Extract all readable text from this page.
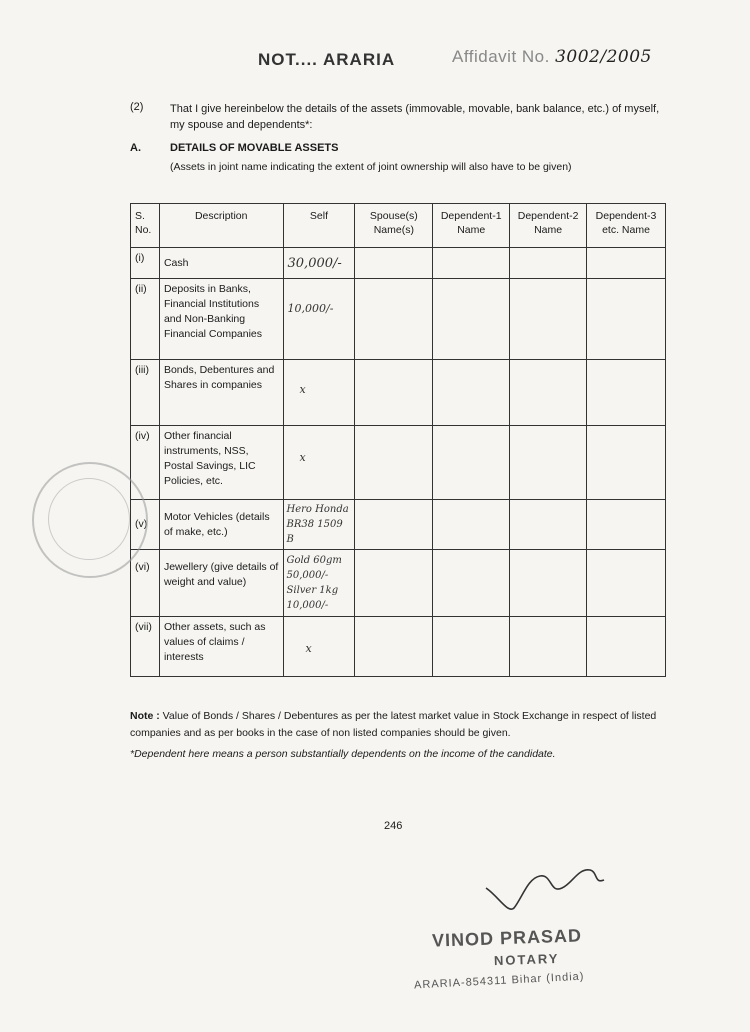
NOT.... ARARIA	Affidavit No. 3002/2005
(2) That I give hereinbelow the details of the assets (immovable, movable, bank balance, etc.) of myself, my spouse and dependents*:
A.	DETAILS OF MOVABLE ASSETS
(Assets in joint name indicating the extent of joint ownership will also have to be given)
S. No.	Description	Self	Spouse(s) Name(s)	Dependent-1 Name	Dependent-2 Name	Dependent-3 etc. Name
(i)	Cash	30,000/-				
(ii)	Deposits in Banks, Financial Institutions and Non-Banking Financial Companies	10,000/-				
(iii)	Bonds, Debentures and Shares in companies	x				
(iv)	Other financial instruments, NSS, Postal Savings, LIC Policies, etc.	x				
(v)	Motor Vehicles (details of make, etc.)	Hero Honda BR38 1509 B				
(vi)	Jewellery (give details of weight and value)	Gold 60gm 50,000/- Silver 1kg 10,000/-				
(vii)	Other assets, such as values of claims / interests	x				
Note : Value of Bonds / Shares / Debentures as per the latest market value in Stock Exchange in respect of listed companies and as per books in the case of non listed companies should be given.
*Dependent here means a person substantially dependents on the income of the candidate.
246
VINOD PRASAD
NOTARY
ARARIA-854311 Bihar (India)
